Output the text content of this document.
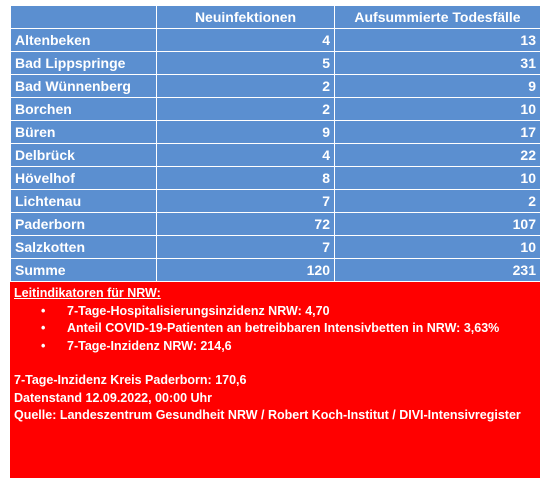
	Neuinfektionen	Aufsummierte Todesfälle
Altenbeken	4	13
Bad Lippspringe	5	31
Bad Wünnenberg	2	9
Borchen	2	10
Büren	9	17
Delbrück	4	22
Hövelhof	8	10
Lichtenau	7	2
Paderborn	72	107
Salzkotten	7	10
Summe	120	231
Leitindikatoren für NRW:
• 7-Tage-Hospitalisierungsinzidenz NRW: 4,70
• Anteil COVID-19-Patienten an betreibbaren Intensivbetten in NRW: 3,63%
• 7-Tage-Inzidenz NRW: 214,6
7-Tage-Inzidenz Kreis Paderborn: 170,6
Datenstand 12.09.2022, 00:00 Uhr
Quelle: Landeszentrum Gesundheit NRW / Robert Koch-Institut / DIVI-Intensivregister
